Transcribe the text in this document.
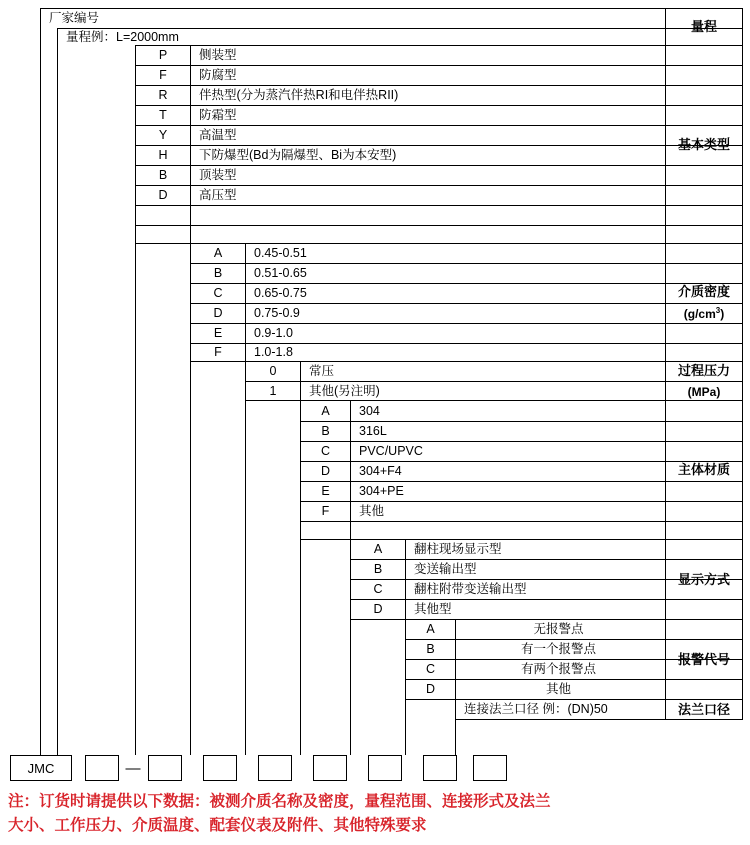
厂家编号
量程例：L=2000mm
量程
P	侧装型
F	防腐型
R	伴热型(分为蒸汽伴热RI和电伴热RII)
T	防霜型
Y	高温型
H	下防爆型(Bd为隔爆型、Bi为本安型)
B	顶装型
D	高压型
基本类型
A	0.45-0.51
B	0.51-0.65
C	0.65-0.75
D	0.75-0.9
E	0.9-1.0
F	1.0-1.8
介质密度
$(g/cm^3)$
0	常压
1	其他(另注明)
过程压力
(MPa)
A	304
B	316L
C	PVC/UPVC
D	304+F4
E	304+PE
F	其他
主体材质
A	翻柱现场显示型
B	变送输出型
C	翻柱附带变送输出型
D	其他型
显示方式
A	无报警点
B	有一个报警点
C	有两个报警点
D	其他
报警代号
连接法兰口径 例：(DN)50	法兰口径
JMC	—
注：订货时请提供以下数据：被测介质名称及密度，量程范围、连接形式及法兰
大小、工作压力、介质温度、配套仪表及附件、其他特殊要求
